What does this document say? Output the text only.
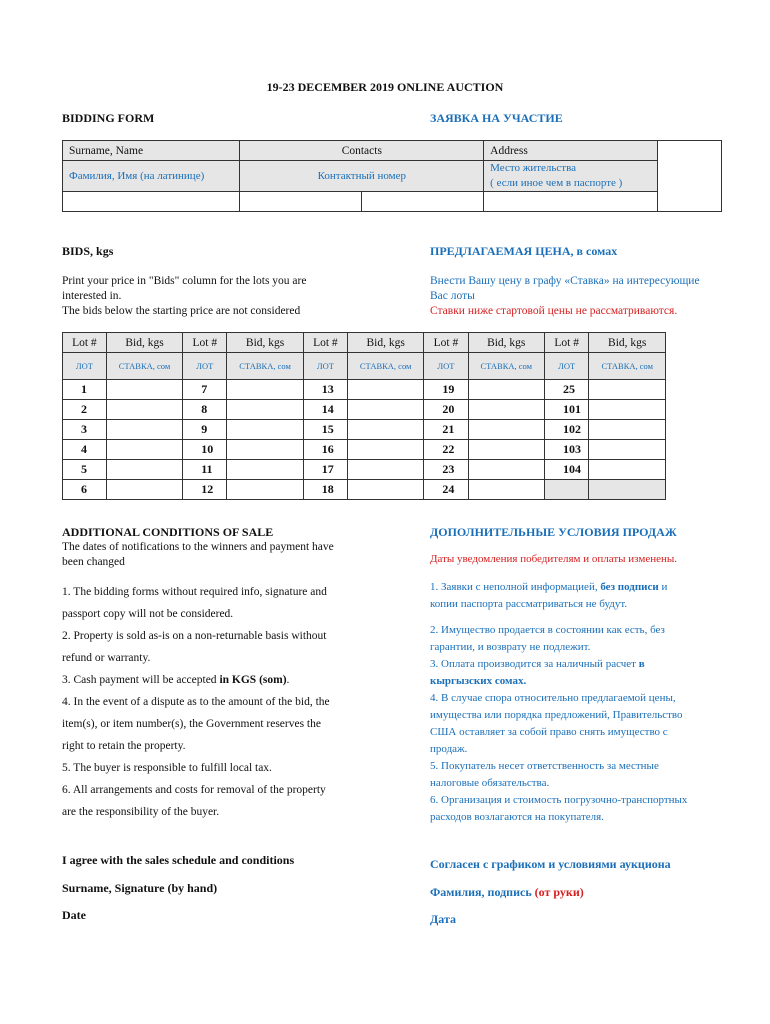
19-23 DECEMBER 2019 ONLINE AUCTION
BIDDING FORM	ЗАЯВКА НА УЧАСТИЕ
Surname, Name	Contacts		Address	
Фамилия, Имя (на латинице)	Контактный номер		Место жительства
( если иное чем в паспорте )	

BIDS, kgs	ПРЕДЛАГАЕМАЯ ЦЕНА, в сомах
Print your price in "Bids" column for the lots you are
interested in.
The bids below the starting price are not considered
Внести Вашу цену в графу «Ставка» на интересующие
Вас лоты
Ставки ниже стартовой цены не рассматриваются.
Lot #	Bid, kgs	Lot #	Bid, kgs	Lot #	Bid, kgs	Lot #	Bid, kgs	Lot #	Bid, kgs
ЛОТ	СТАВКА, сом	ЛОТ	СТАВКА, сом	ЛОТ	СТАВКА, сом	ЛОТ	СТАВКА, сом	ЛОТ	СТАВКА, сом
1		7		13		19		25	
2		8		14		20		101	
3		9		15		21		102	
4		10		16		22		103	
5		11		17		23		104	
6		12		18		24			
ADDITIONAL CONDITIONS OF SALE
The dates of notifications to the winners and payment have
been changed
1. The bidding forms without required info, signature and
passport copy will not be considered.
2. Property is sold as-is on a non-returnable basis without
refund or warranty.
3. Cash payment will be accepted in KGS (som).
4. In the event of a dispute as to the amount of the bid, the
item(s), or item number(s), the Government reserves the
right to retain the property.
5. The buyer is responsible to fulfill local tax.
6. All arrangements and costs for removal of the property
are the responsibility of the buyer.
ДОПОЛНИТЕЛЬНЫЕ УСЛОВИЯ ПРОДАЖ
Даты уведомления победителям и оплаты изменены.
1. Заявки с неполной информацией, без подписи и
копии паспорта рассматриваться не будут.
2. Имущество продается в состоянии как есть, без
гарантии, и возврату не подлежит.
3. Оплата производится за наличный расчет в
кыргызских сомах.
4. В случае спора относительно предлагаемой цены,
имущества или порядка предложений, Правительство
США оставляет за собой право снять имущество с
продаж.
5. Покупатель несет ответственность за местные
налоговые обязательства.
6. Организация и стоимость погрузочно-транспортных
расходов возлагаются на покупателя.
I agree with the sales schedule and conditions
Surname, Signature (by hand)
Date
Согласен с графиком и условиями аукциона
Фамилия, подпись (от руки)
Дата
